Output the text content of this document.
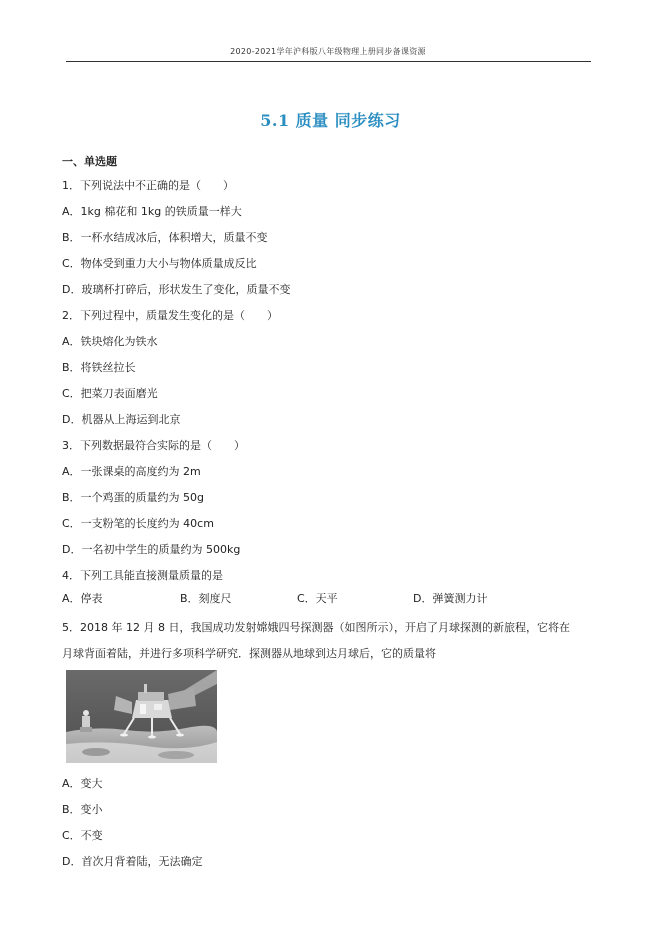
2020-2021学年沪科版八年级物理上册同步备课资源
5.1 质量 同步练习
一、单选题
1．下列说法中不正确的是（　　）
A．1kg 棉花和 1kg 的铁质量一样大
B．一杯水结成冰后，体积增大，质量不变
C．物体受到重力大小与物体质量成反比
D．玻璃杯打碎后，形状发生了变化，质量不变
2．下列过程中，质量发生变化的是（　　）
A．铁块熔化为铁水
B．将铁丝拉长
C．把菜刀表面磨光
D．机器从上海运到北京
3．下列数据最符合实际的是（　　）
A．一张课桌的高度约为 2m
B．一个鸡蛋的质量约为 50g
C．一支粉笔的长度约为 40cm
D．一名初中学生的质量约为 500kg
4．下列工具能直接测量质量的是
A．停表	B．刻度尺	C．天平	D．弹簧测力计
5．2018 年 12 月 8 日，我国成功发射嫦娥四号探测器（如图所示），开启了月球探测的新旅程，它将在
月球背面着陆，并进行多项科学研究．探测器从地球到达月球后，它的质量将
A．变大
B．变小
C．不变
D．首次月背着陆，无法确定
